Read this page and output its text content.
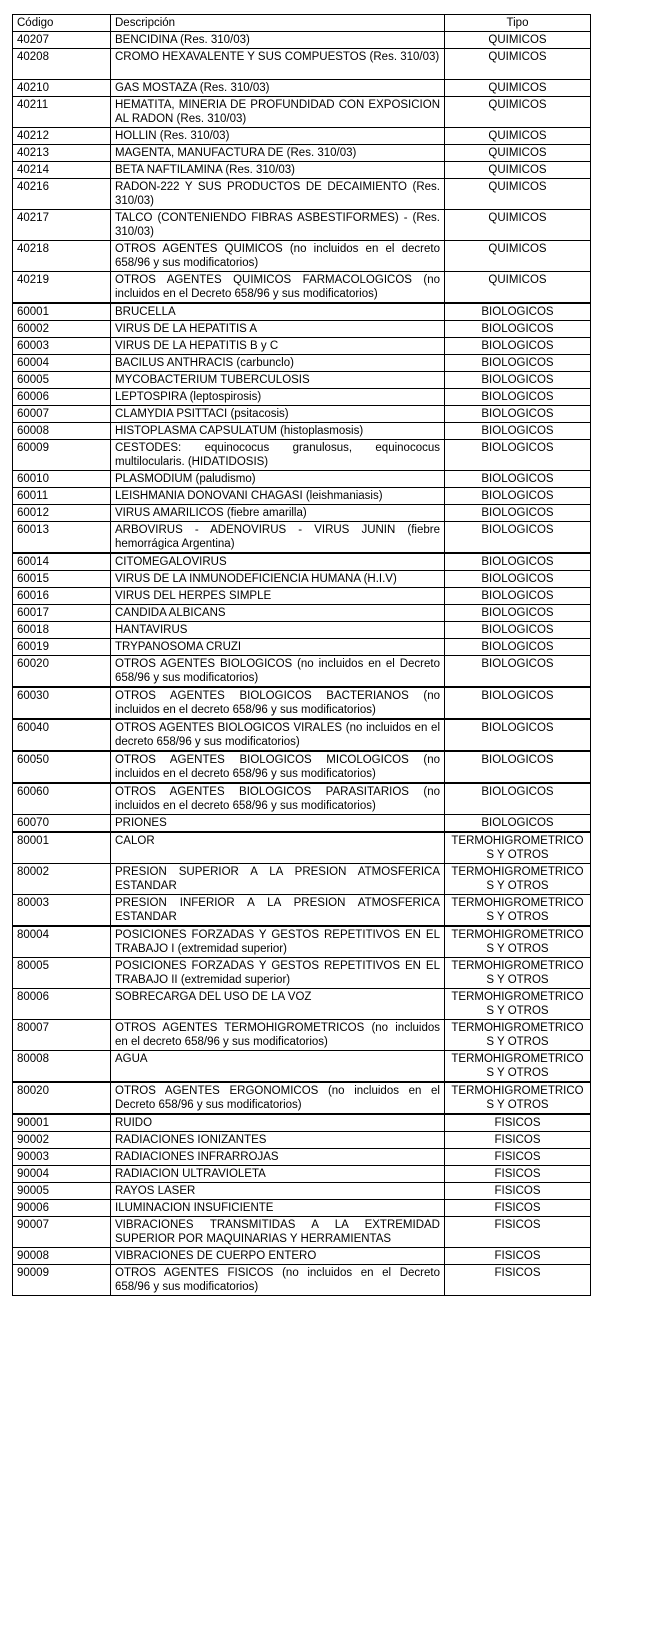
Código	Descripción	Tipo
40207	BENCIDINA (Res. 310/03)	QUIMICOS
40208	CROMO HEXAVALENTE Y SUS COMPUESTOS (Res. 310/03)	QUIMICOS
40210	GAS MOSTAZA (Res. 310/03)	QUIMICOS
40211	HEMATITA, MINERIA DE PROFUNDIDAD CON EXPOSICION AL RADON (Res. 310/03)	QUIMICOS
40212	HOLLIN (Res. 310/03)	QUIMICOS
40213	MAGENTA, MANUFACTURA DE (Res. 310/03)	QUIMICOS
40214	BETA NAFTILAMINA (Res. 310/03)	QUIMICOS
40216	RADON-222 Y SUS PRODUCTOS DE DECAIMIENTO (Res. 310/03)	QUIMICOS
40217	TALCO (CONTENIENDO FIBRAS ASBESTIFORMES) - (Res. 310/03)	QUIMICOS
40218	OTROS AGENTES QUIMICOS (no incluidos en el decreto 658/96 y sus modificatorios)	QUIMICOS
40219	OTROS AGENTES QUIMICOS FARMACOLOGICOS (no incluidos en el Decreto 658/96 y sus modificatorios)	QUIMICOS
60001	BRUCELLA	BIOLOGICOS
60002	VIRUS DE LA HEPATITIS A	BIOLOGICOS
60003	VIRUS DE LA HEPATITIS B y C	BIOLOGICOS
60004	BACILUS ANTHRACIS (carbunclo)	BIOLOGICOS
60005	MYCOBACTERIUM TUBERCULOSIS	BIOLOGICOS
60006	LEPTOSPIRA (leptospirosis)	BIOLOGICOS
60007	CLAMYDIA PSITTACI (psitacosis)	BIOLOGICOS
60008	HISTOPLASMA CAPSULATUM (histoplasmosis)	BIOLOGICOS
60009	CESTODES: equinococus granulosus, equinococus multilocularis. (HIDATIDOSIS)	BIOLOGICOS
60010	PLASMODIUM (paludismo)	BIOLOGICOS
60011	LEISHMANIA DONOVANI CHAGASI (leishmaniasis)	BIOLOGICOS
60012	VIRUS AMARILICOS (fiebre amarilla)	BIOLOGICOS
60013	ARBOVIRUS - ADENOVIRUS - VIRUS JUNIN (fiebre hemorrágica Argentina)	BIOLOGICOS
60014	CITOMEGALOVIRUS	BIOLOGICOS
60015	VIRUS DE LA INMUNODEFICIENCIA HUMANA (H.I.V)	BIOLOGICOS
60016	VIRUS DEL HERPES SIMPLE	BIOLOGICOS
60017	CANDIDA ALBICANS	BIOLOGICOS
60018	HANTAVIRUS	BIOLOGICOS
60019	TRYPANOSOMA CRUZI	BIOLOGICOS
60020	OTROS AGENTES BIOLOGICOS (no incluidos en el Decreto 658/96 y sus modificatorios)	BIOLOGICOS
60030	OTROS AGENTES BIOLOGICOS BACTERIANOS (no incluidos en el decreto 658/96 y sus modificatorios)	BIOLOGICOS
60040	OTROS AGENTES BIOLOGICOS VIRALES (no incluidos en el decreto 658/96 y sus modificatorios)	BIOLOGICOS
60050	OTROS AGENTES BIOLOGICOS MICOLOGICOS (no incluidos en el decreto 658/96 y sus modificatorios)	BIOLOGICOS
60060	OTROS AGENTES BIOLOGICOS PARASITARIOS (no incluidos en el decreto 658/96 y sus modificatorios)	BIOLOGICOS
60070	PRIONES	BIOLOGICOS
80001	CALOR	TERMOHIGROMETRICOS Y OTROS
80002	PRESION SUPERIOR A LA PRESION ATMOSFERICA ESTANDAR	TERMOHIGROMETRICOS Y OTROS
80003	PRESION INFERIOR A LA PRESION ATMOSFERICA ESTANDAR	TERMOHIGROMETRICOS Y OTROS
80004	POSICIONES FORZADAS Y GESTOS REPETITIVOS EN EL TRABAJO I (extremidad superior)	TERMOHIGROMETRICOS Y OTROS
80005	POSICIONES FORZADAS Y GESTOS REPETITIVOS EN EL TRABAJO II (extremidad superior)	TERMOHIGROMETRICOS Y OTROS
80006	SOBRECARGA DEL USO DE LA VOZ	TERMOHIGROMETRICOS Y OTROS
80007	OTROS AGENTES TERMOHIGROMETRICOS (no incluidos en el decreto 658/96 y sus modificatorios)	TERMOHIGROMETRICOS Y OTROS
80008	AGUA	TERMOHIGROMETRICOS Y OTROS
80020	OTROS AGENTES ERGONOMICOS (no incluidos en el Decreto 658/96 y sus modificatorios)	TERMOHIGROMETRICOS Y OTROS
90001	RUIDO	FISICOS
90002	RADIACIONES IONIZANTES	FISICOS
90003	RADIACIONES INFRARROJAS	FISICOS
90004	RADIACION ULTRAVIOLETA	FISICOS
90005	RAYOS LASER	FISICOS
90006	ILUMINACION INSUFICIENTE	FISICOS
90007	VIBRACIONES TRANSMITIDAS A LA EXTREMIDAD SUPERIOR POR MAQUINARIAS Y HERRAMIENTAS	FISICOS
90008	VIBRACIONES DE CUERPO ENTERO	FISICOS
90009	OTROS AGENTES FISICOS (no incluidos en el Decreto 658/96 y sus modificatorios)	FISICOS
